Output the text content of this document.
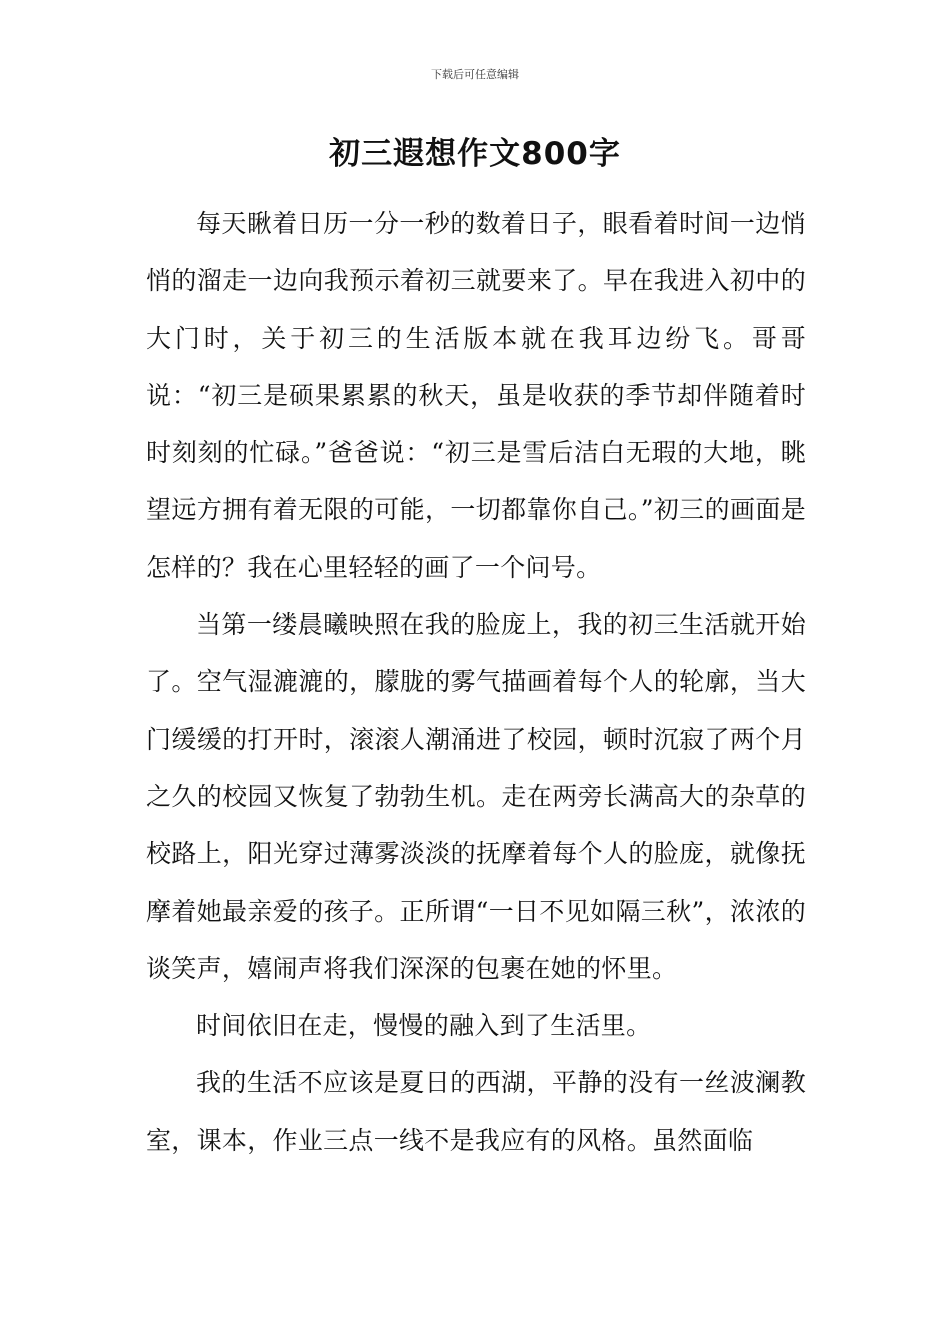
下载后可任意编辑
初三遐想作文800字

每天瞅着日历一分一秒的数着日子，眼看着时间一边悄悄的溜走一边向我预示着初三就要来了。早在我进入初中的大门时，关于初三的生活版本就在我耳边纷飞。哥哥说：“初三是硕果累累的秋天，虽是收获的季节却伴随着时时刻刻的忙碌。”爸爸说：“初三是雪后洁白无瑕的大地，眺望远方拥有着无限的可能，一切都靠你自己。”初三的画面是怎样的？我在心里轻轻的画了一个问号。

当第一缕晨曦映照在我的脸庞上，我的初三生活就开始了。空气湿漉漉的，朦胧的雾气描画着每个人的轮廓，当大门缓缓的打开时，滚滚人潮涌进了校园，顿时沉寂了两个月之久的校园又恢复了勃勃生机。走在两旁长满高大的杂草的校路上，阳光穿过薄雾淡淡的抚摩着每个人的脸庞，就像抚摩着她最亲爱的孩子。正所谓“一日不见如隔三秋”，浓浓的谈笑声，嬉闹声将我们深深的包裹在她的怀里。

时间依旧在走，慢慢的融入到了生活里。

我的生活不应该是夏日的西湖，平静的没有一丝波澜教室，课本，作业三点一线不是我应有的风格。虽然面临
